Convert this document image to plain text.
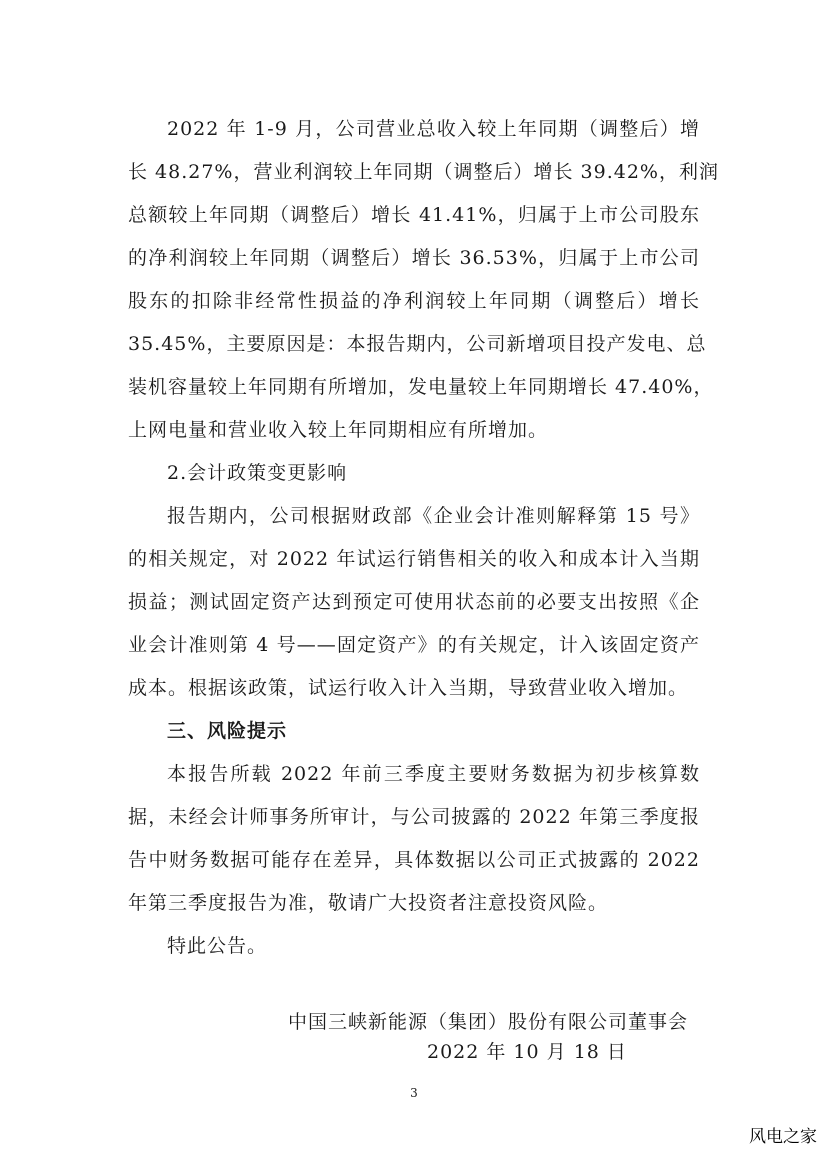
2022 年 1-9 月，公司营业总收入较上年同期（调整后）增
长 48.27%，营业利润较上年同期（调整后）增长 39.42%，利润
总额较上年同期（调整后）增长 41.41%，归属于上市公司股东
的净利润较上年同期（调整后）增长 36.53%，归属于上市公司
股东的扣除非经常性损益的净利润较上年同期（调整后）增长
35.45%，主要原因是：本报告期内，公司新增项目投产发电、总
装机容量较上年同期有所增加，发电量较上年同期增长 47.40%，
上网电量和营业收入较上年同期相应有所增加。
2.会计政策变更影响
报告期内，公司根据财政部《企业会计准则解释第 15 号》
的相关规定，对 2022 年试运行销售相关的收入和成本计入当期
损益；测试固定资产达到预定可使用状态前的必要支出按照《企
业会计准则第 4 号——固定资产》的有关规定，计入该固定资产
成本。根据该政策，试运行收入计入当期，导致营业收入增加。
三、风险提示
本报告所载 2022 年前三季度主要财务数据为初步核算数
据，未经会计师事务所审计，与公司披露的 2022 年第三季度报
告中财务数据可能存在差异，具体数据以公司正式披露的 2022
年第三季度报告为准，敬请广大投资者注意投资风险。
特此公告。
中国三峡新能源（集团）股份有限公司董事会
2022 年 10 月 18 日
3
风电之家
